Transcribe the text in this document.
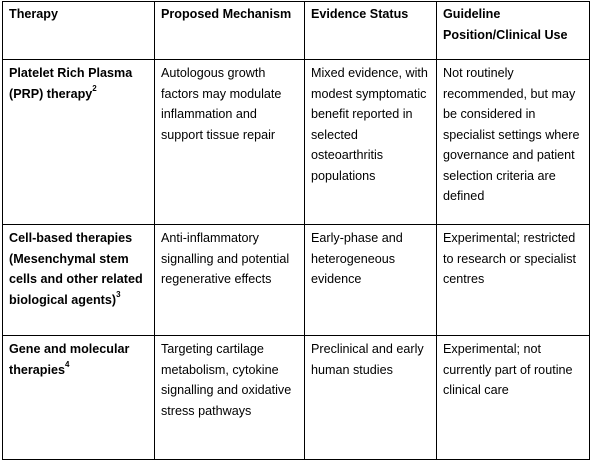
Therapy	Proposed Mechanism	Evidence Status	Guideline Position/Clinical Use
Platelet Rich Plasma (PRP) therapy$^2$	Autologous growth factors may modulate inflammation and support tissue repair	Mixed evidence, with modest symptomatic benefit reported in selected osteoarthritis populations	Not routinely recommended, but may be considered in specialist settings where governance and patient selection criteria are defined
Cell-based therapies (Mesenchymal stem cells and other related biological agents)$^3$	Anti-inflammatory signalling and potential regenerative effects	Early-phase and heterogeneous evidence	Experimental; restricted to research or specialist centres
Gene and molecular therapies$^4$	Targeting cartilage metabolism, cytokine signalling and oxidative stress pathways	Preclinical and early human studies	Experimental; not currently part of routine clinical care
